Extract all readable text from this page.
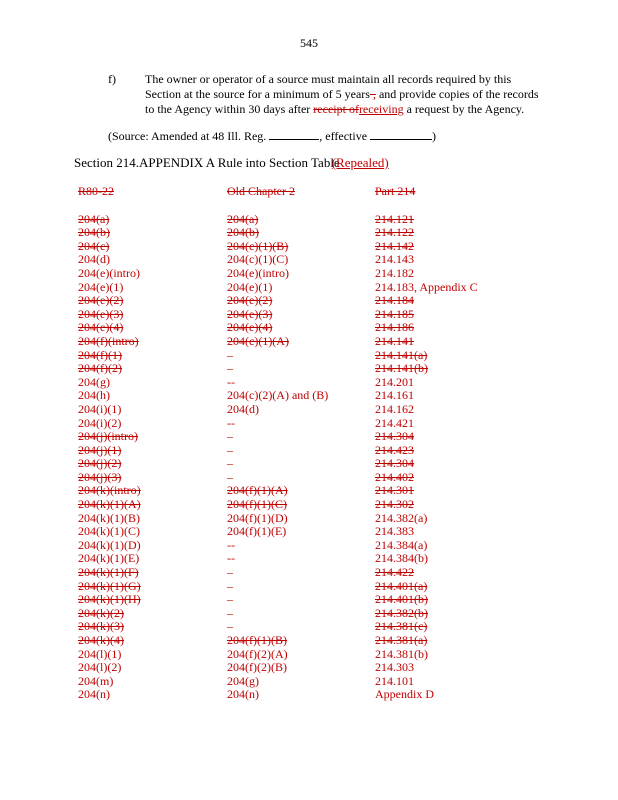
545
f) The owner or operator of a source must maintain all records required by this
Section at the source for a minimum of 5 years , and provide copies of the records
to the Agency within 30 days after receipt ofreceiving a request by the Agency.
(Source: Amended at 48 Ill. Reg.	, effective	)
Section 214.APPENDIX A Rule into Section Table(Repealed)
R80-22	Old Chapter 2	Part 214
204(a)	204(a)	214.121
204(b)	204(b)	214.122
204(c)	204(c)(1)(B)	214.142
204(d)	204(c)(1)(C)	214.143
204(e)(intro)	204(e)(intro)	214.182
204(e)(1)	204(e)(1)	214.183, Appendix C
204(e)(2)	204(e)(2)	214.184
204(e)(3)	204(e)(3)	214.185
204(e)(4)	204(e)(4)	214.186
204(f)(intro)	204(c)(1)(A)	214.141
204(f)(1)	–	214.141(a)
204(f)(2)	–	214.141(b)
204(g)	--	214.201
204(h)	204(c)(2)(A) and (B)	214.161
204(i)(1)	204(d)	214.162
204(i)(2)	--	214.421
204(j)(intro)	–	214.304
204(j)(1)	–	214.423
204(j)(2)	–	214.304
204(j)(3)	–	214.402
204(k)(intro)	204(f)(1)(A)	214.301
204(k)(1)(A)	204(f)(1)(C)	214.302
204(k)(1)(B)	204(f)(1)(D)	214.382(a)
204(k)(1)(C)	204(f)(1)(E)	214.383
204(k)(1)(D)	--	214.384(a)
204(k)(1)(E)	--	214.384(b)
204(k)(1)(F)	–	214.422
204(k)(1)(G)	–	214.401(a)
204(k)(1)(H)	–	214.401(b)
204(k)(2)	–	214.382(b)
204(k)(3)	–	214.381(c)
204(k)(4)	204(f)(1)(B)	214.381(a)
204(l)(1)	204(f)(2)(A)	214.381(b)
204(l)(2)	204(f)(2)(B)	214.303
204(m)	204(g)	214.101
204(n)	204(n)	Appendix D
